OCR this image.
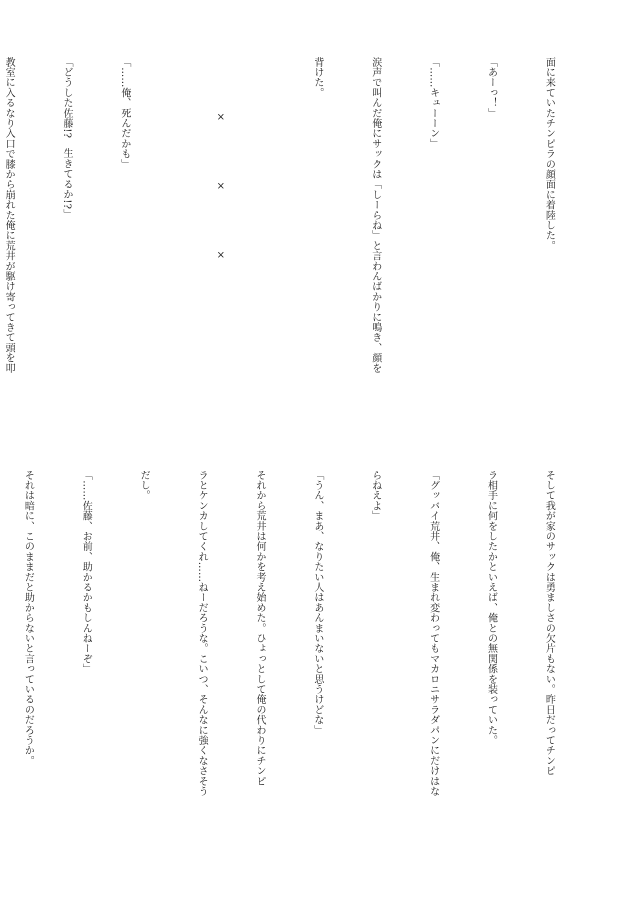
面に来ていたチンピラの顔面に着陸した。

「あーっ！」

「……キューーン」

涙声で叫んだ俺にサックは「しーらね」と言わんばかりに鳴き、顔を

背けた。

×　×　×

「……俺、死んだかも」

「どうした佐藤!?　生きてるか!?」

教室に入るなり入口で膝から崩れた俺に荒井が駆け寄ってきて頭を叩

そして我が家のサックは勇ましさの欠片もない。昨日だってチンピ

ラ相手に何をしたかといえば、俺との無関係を装っていた。

「グッバイ荒井、俺、生まれ変わってもマカロニサラダパンにだけはな

らねえよ」

「うん、まあ、なりたい人はあんまいないと思うけどな」

それから荒井は何かを考え始めた。ひょっとして俺の代わりにチンピ

ラとケンカしてくれ……ねーだろうな。こいつ、そんなに強くなさそう

だし。

「……佐藤、お前、助かるかもしんねーぞ」

それは暗に、このままだと助からないと言っているのだろうか。
